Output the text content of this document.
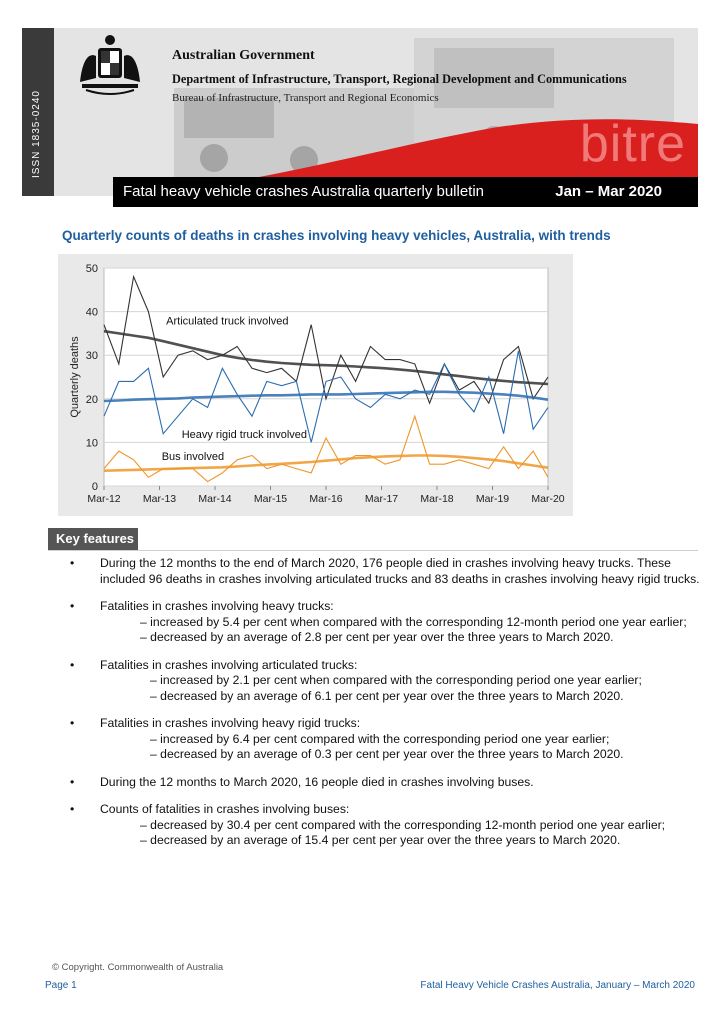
ISSN 1835-0240
Australian Government
Department of Infrastructure, Transport, Regional Development and Communications
Bureau of Infrastructure, Transport and Regional Economics
bitre
Fatal heavy vehicle crashes Australia quarterly bulletin	Jan – Mar 2020
Quarterly counts of deaths in crashes involving heavy vehicles, Australia, with trends
0
10
20
30
40
50
Mar-12 Mar-13 Mar-14 Mar-15 Mar-16 Mar-17 Mar-18 Mar-19 Mar-20
Quarterly deaths
Articulated truck involved
Heavy rigid truck involved
Bus involved
Key features
• During the 12 months to the end of March 2020, 176 people died in crashes involving heavy trucks. These included 96 deaths in crashes involving articulated trucks and 83 deaths in crashes involving heavy rigid trucks.
• Fatalities in crashes involving heavy trucks:
– increased by 5.4 per cent when compared with the corresponding 12-month period one year earlier;
– decreased by an average of 2.8 per cent per year over the three years to March 2020.
• Fatalities in crashes involving articulated trucks:
– increased by 2.1 per cent when compared with the corresponding period one year earlier;
– decreased by an average of 6.1 per cent per year over the three years to March 2020.
• Fatalities in crashes involving heavy rigid trucks:
– increased by 6.4 per cent compared with the corresponding period one year earlier;
– decreased by an average of 0.3 per cent per year over the three years to March 2020.
• During the 12 months to March 2020, 16 people died in crashes involving buses.
• Counts of fatalities in crashes involving buses:
– decreased by 30.4 per cent compared with the corresponding 12-month period one year earlier;
– decreased by an average of 15.4 per cent per year over the three years to March 2020.
© Copyright. Commonwealth of Australia
Page 1	Fatal Heavy Vehicle Crashes Australia, January – March 2020
